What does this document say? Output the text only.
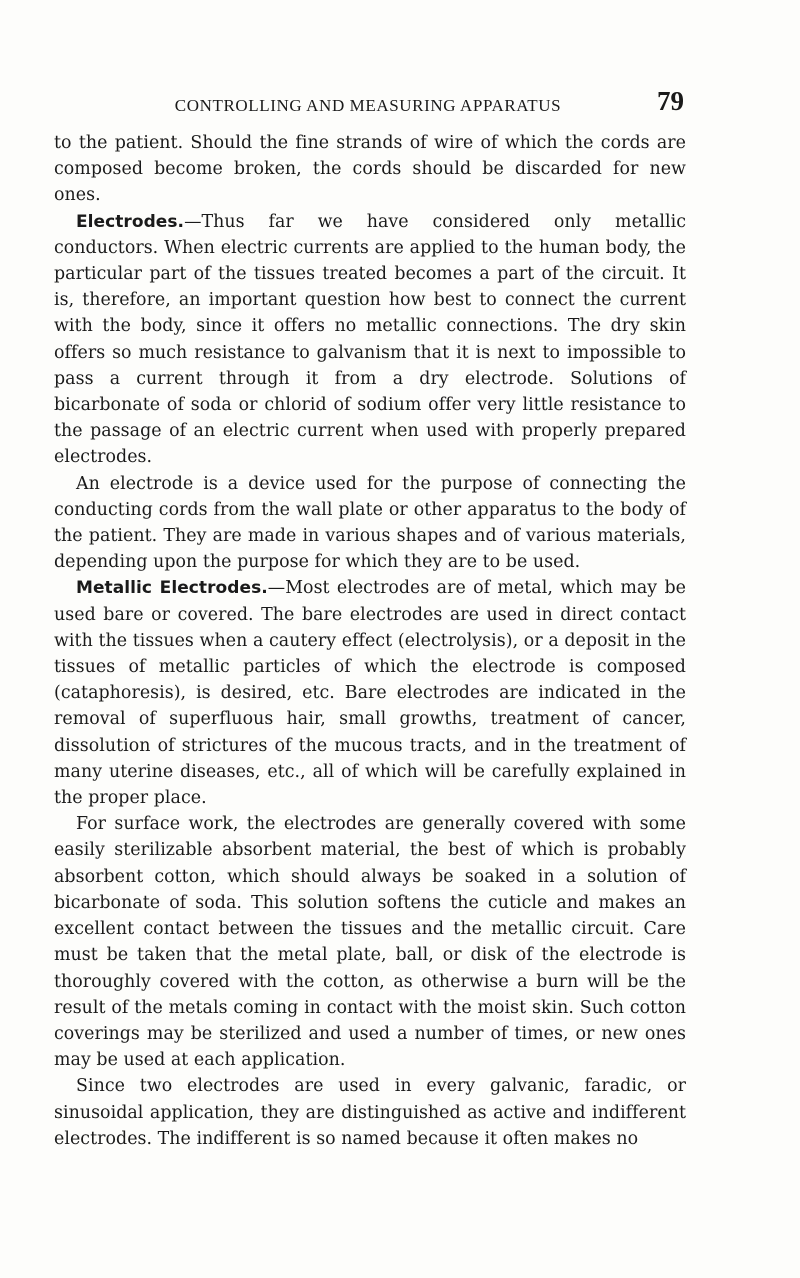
CONTROLLING AND MEASURING APPARATUS	79

to the patient. Should the fine strands of wire of which the cords are composed become broken, the cords should be discarded for new ones.

Electrodes.—Thus far we have considered only metallic conductors. When electric currents are applied to the human body, the particular part of the tissues treated becomes a part of the circuit. It is, therefore, an important question how best to connect the current with the body, since it offers no metallic connections. The dry skin offers so much resistance to galvanism that it is next to impossible to pass a current through it from a dry electrode. Solutions of bicarbonate of soda or chlorid of sodium offer very little resistance to the passage of an electric current when used with properly prepared electrodes.

An electrode is a device used for the purpose of connecting the conducting cords from the wall plate or other apparatus to the body of the patient. They are made in various shapes and of various materials, depending upon the purpose for which they are to be used.

Metallic Electrodes.—Most electrodes are of metal, which may be used bare or covered. The bare electrodes are used in direct contact with the tissues when a cautery effect (electrolysis), or a deposit in the tissues of metallic particles of which the electrode is composed (cataphoresis), is desired, etc. Bare electrodes are indicated in the removal of superfluous hair, small growths, treatment of cancer, dissolution of strictures of the mucous tracts, and in the treatment of many uterine diseases, etc., all of which will be carefully explained in the proper place.

For surface work, the electrodes are generally covered with some easily sterilizable absorbent material, the best of which is probably absorbent cotton, which should always be soaked in a solution of bicarbonate of soda. This solution softens the cuticle and makes an excellent contact between the tissues and the metallic circuit. Care must be taken that the metal plate, ball, or disk of the electrode is thoroughly covered with the cotton, as otherwise a burn will be the result of the metals coming in contact with the moist skin. Such cotton coverings may be sterilized and used a number of times, or new ones may be used at each application.

Since two electrodes are used in every galvanic, faradic, or sinusoidal application, they are distinguished as active and indifferent electrodes. The indifferent is so named because it often makes no
